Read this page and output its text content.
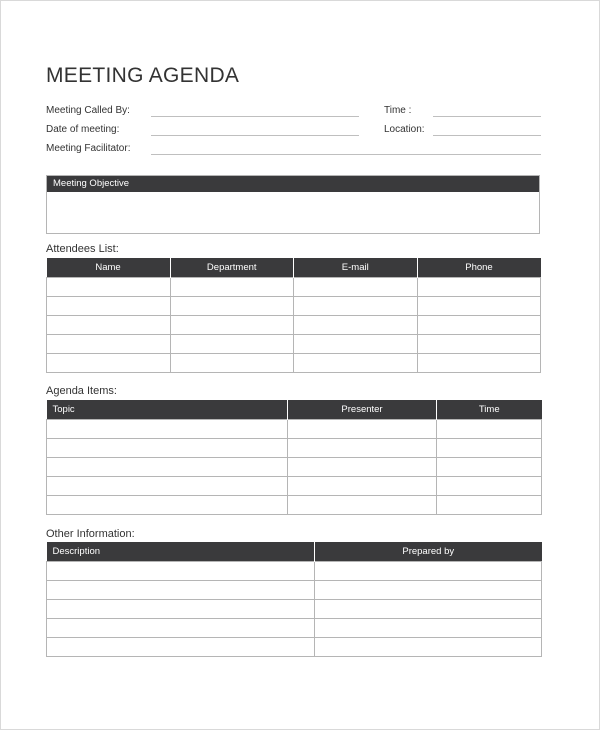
MEETING AGENDA
Meeting Called By:
Date of meeting:
Meeting Facilitator:
Time :
Location:
Meeting Objective
Attendees List:
Name	Department	E-mail	Phone

Agenda Items:
Topic	Presenter	Time

Other Information:
Description	Prepared by
